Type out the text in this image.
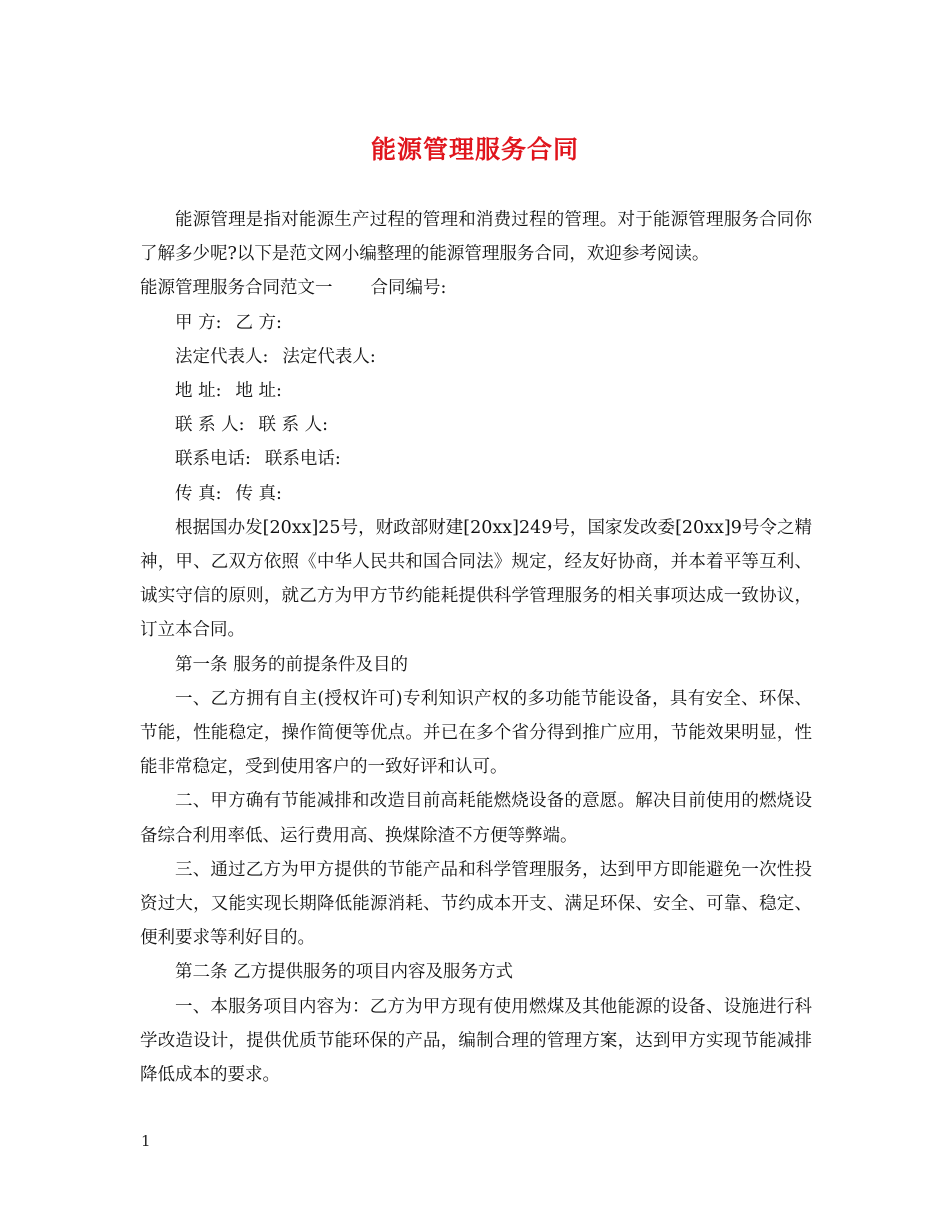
能源管理服务合同

能源管理是指对能源生产过程的管理和消费过程的管理。对于能源管理服务合同你了解多少呢?以下是范文网小编整理的能源管理服务合同，欢迎参考阅读。

能源管理服务合同范文一 合同编号:

甲 方: 乙 方:

法定代表人: 法定代表人:

地 址: 地 址:

联 系 人: 联 系 人:

联系电话: 联系电话:

传 真: 传 真:

根据国办发[20xx]25号，财政部财建[20xx]249号，国家发改委[20xx]9号令之精神，甲、乙双方依照《中华人民共和国合同法》规定，经友好协商，并本着平等互利、诚实守信的原则，就乙方为甲方节约能耗提供科学管理服务的相关事项达成一致协议，订立本合同。

第一条 服务的前提条件及目的

一、乙方拥有自主(授权许可)专利知识产权的多功能节能设备，具有安全、环保、节能，性能稳定，操作简便等优点。并已在多个省分得到推广应用，节能效果明显，性能非常稳定，受到使用客户的一致好评和认可。

二、甲方确有节能减排和改造目前高耗能燃烧设备的意愿。解决目前使用的燃烧设备综合利用率低、运行费用高、换煤除渣不方便等弊端。

三、通过乙方为甲方提供的节能产品和科学管理服务，达到甲方即能避免一次性投资过大，又能实现长期降低能源消耗、节约成本开支、满足环保、安全、可靠、稳定、便利要求等利好目的。

第二条 乙方提供服务的项目内容及服务方式

一、本服务项目内容为：乙方为甲方现有使用燃煤及其他能源的设备、设施进行科学改造设计，提供优质节能环保的产品，编制合理的管理方案，达到甲方实现节能减排降低成本的要求。

1
